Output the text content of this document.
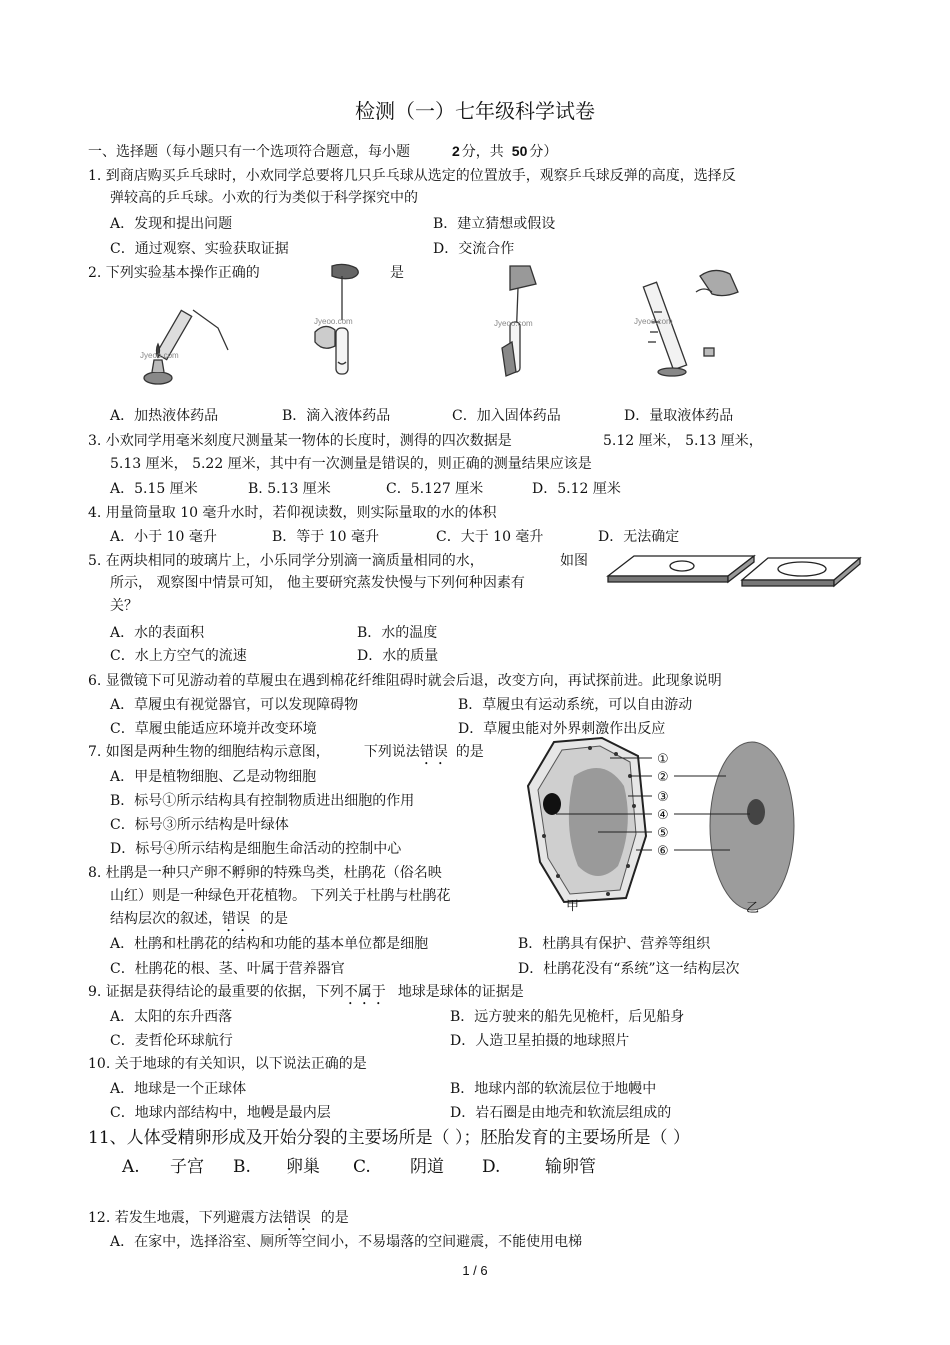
检测（一）七年级科学试卷
一、选择题（每小题只有一个选项符合题意，每小题	2 分，共 50 分）
1. 到商店购买乒乓球时，小欢同学总要将几只乒乓球从选定的位置放手，观察乒乓球反弹的高度，选择反
弹较高的乒乓球。小欢的行为类似于科学探究中的
A．发现和提出问题	B．建立猜想或假设
C．通过观察、实验获取证据	D．交流合作
2. 下列实验基本操作正确的	是
Jyeoo.com
Jyeoo.com	Jyeoo.com	Jyeoo.com
A．加热液体药品	B．滴入液体药品	C．加入固体药品	D．量取液体药品
3. 小欢同学用毫米刻度尺测量某一物体的长度时，测得的四次数据是	5.12 厘米， 5.13 厘米，
5.13 厘米， 5.22 厘米，其中有一次测量是错误的，则正确的测量结果应该是
A．5.15 厘米	B. 5.13 厘米	C．5.127 厘米	D．5.12 厘米
4. 用量筒量取 10 毫升水时，若仰视读数，则实际量取的水的体积
A．小于 10 毫升	B．等于 10 毫升	C．大于 10 毫升	D．无法确定
5. 在两块相同的玻璃片上，小乐同学分别滴一滴质量相同的水，	如图
所示， 观察图中情景可知， 他主要研究蒸发快慢与下列何种因素有
关？
A．水的表面积	B．水的温度
C．水上方空气的流速	D．水的质量
6. 显微镜下可见游动着的草履虫在遇到棉花纤维阻碍时就会后退，改变方向，再试探前进。此现象说明
A．草履虫有视觉器官，可以发现障碍物	B．草履虫有运动系统，可以自由游动
C．草履虫能适应环境并改变环境	D．草履虫能对外界刺激作出反应
7. 如图是两种生物的细胞结构示意图， 下列说法错误 的是
A．甲是植物细胞、乙是动物细胞
B．标号①所示结构具有控制物质进出细胞的作用
C．标号③所示结构是叶绿体
D．标号④所示结构是细胞生命活动的控制中心
①
②
③
④
⑤
⑥
甲	乙
8. 杜鹃是一种只产卵不孵卵的特殊鸟类，杜鹃花（俗名映
山红）则是一种绿色开花植物。 下列关于杜鹃与杜鹃花
结构层次的叙述，错误 的是
A．杜鹃和杜鹃花的结构和功能的基本单位都是细胞	B．杜鹃具有保护、营养等组织
C．杜鹃花的根、茎、叶属于营养器官	D．杜鹃花没有“系统”这一结构层次
9. 证据是获得结论的最重要的依据，下列不属于 地球是球体的证据是
A．太阳的东升西落	B．远方驶来的船先见桅杆，后见船身
C．麦哲伦环球航行	D．人造卫星拍摄的地球照片
10. 关于地球的有关知识，以下说法正确的是
A．地球是一个正球体	B．地球内部的软流层位于地幔中
C．地球内部结构中，地幔是最内层	D．岩石圈是由地壳和软流层组成的
11、人体受精卵形成及开始分裂的主要场所是（ ）；胚胎发育的主要场所是（ ）
A. 子宫 B. 卵巢 C. 阴道 D.	输卵管
12. 若发生地震，下列避震方法错误 的是
A．在家中，选择浴室、厕所等空间小，不易塌落的空间避震，不能使用电梯
1 / 6
